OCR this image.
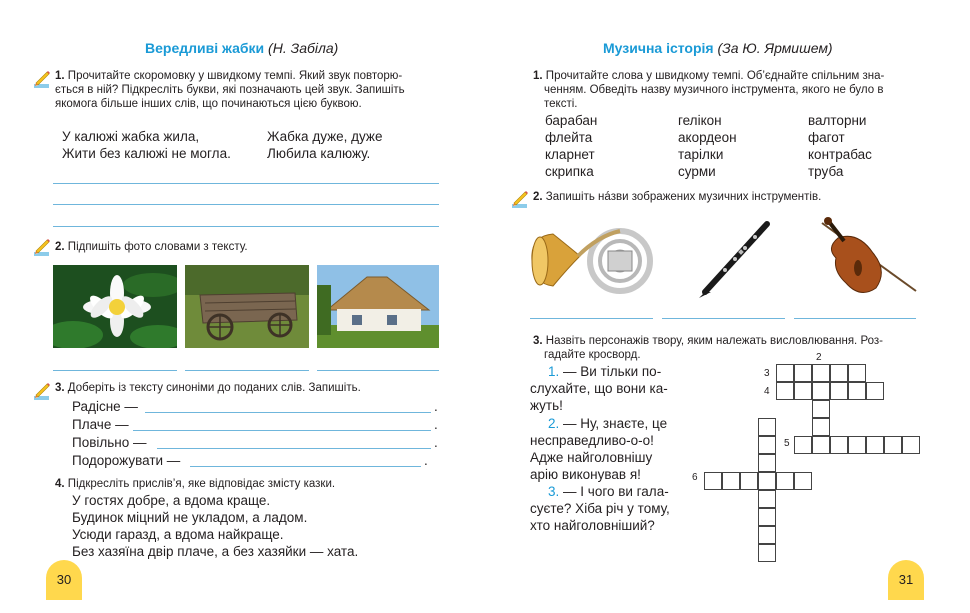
Вередливі жабки (Н. Забіла)
1. Прочитайте скоромовку у швидкому темпі. Який звук повторю-
ється в ній? Підкресліть букви, які позначають цей звук. Запишіть
якомога більше інших слів, що починаються цією буквою.
У калюжі жабка жила,
Жити без калюжі не могла.
Жабка дуже, дуже
Любила калюжу.
2. Підпишіть фото словами з тексту.
3. Доберіть із тексту синоніми до поданих слів. Запишіть.
Радісне —	.
Плаче —	.
Повільно —	.
Подорожувати —	.
4. Підкресліть прислів’я, яке відповідає змісту казки.
У гостях добре, а вдома краще.
Будинок міцний не укладом, а ладом.
Усюди гаразд, а вдома найкраще.
Без хазяїна двір плаче, а без хазяйки — хата.
30
Музична історія (За Ю. Ярмишем)
1. Прочитайте слова у швидкому темпі. Об’єднайте спільним зна-
ченням. Обведіть назву музичного інструмента, якого не було в
тексті.
барабан	гелікон	валторни
флейта	акордеон	фагот
кларнет	тарілки	контрабас
скрипка	сурми	труба
2. Запишіть нáзви зображених музичних інструментів.
3. Назвіть персонажів твору, яким належать висловлювання. Роз-
гадайте кросворд.
1. — Ви тільки по-
слухайте, що вони ка-
жуть!
2. — Ну, знаєте, це
несправедливо-о-о!
Адже найголовнішу
арію виконував я!
3. — І чого ви гала-
суєте? Хіба річ у тому,
хто найголовніший?
2
3
4
5
6
31
